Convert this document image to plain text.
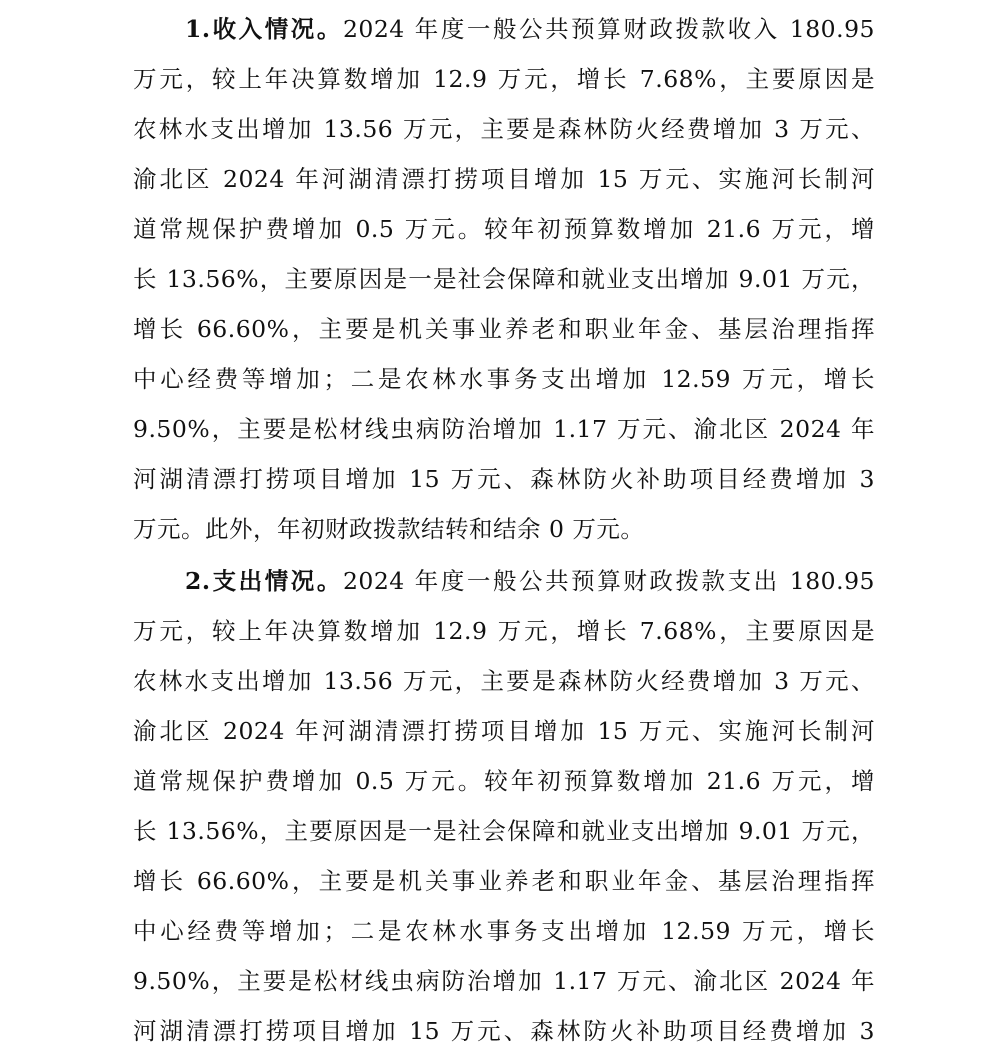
1.收入情况。2024 年度一般公共预算财政拨款收入 180.95
万元，较上年决算数增加 12.9 万元，增长 7.68%，主要原因是
农林水支出增加 13.56 万元，主要是森林防火经费增加 3 万元、
渝北区 2024 年河湖清漂打捞项目增加 15 万元、实施河长制河
道常规保护费增加 0.5 万元。较年初预算数增加 21.6 万元，增
长 13.56%，主要原因是一是社会保障和就业支出增加 9.01 万元，
增长 66.60%，主要是机关事业养老和职业年金、基层治理指挥
中心经费等增加；二是农林水事务支出增加 12.59 万元，增长
9.50%，主要是松材线虫病防治增加 1.17 万元、渝北区 2024 年
河湖清漂打捞项目增加 15 万元、森林防火补助项目经费增加 3
万元。此外，年初财政拨款结转和结余 0 万元。
2.支出情况。2024 年度一般公共预算财政拨款支出 180.95
万元，较上年决算数增加 12.9 万元，增长 7.68%，主要原因是
农林水支出增加 13.56 万元，主要是森林防火经费增加 3 万元、
渝北区 2024 年河湖清漂打捞项目增加 15 万元、实施河长制河
道常规保护费增加 0.5 万元。较年初预算数增加 21.6 万元，增
长 13.56%，主要原因是一是社会保障和就业支出增加 9.01 万元，
增长 66.60%，主要是机关事业养老和职业年金、基层治理指挥
中心经费等增加；二是农林水事务支出增加 12.59 万元，增长
9.50%，主要是松材线虫病防治增加 1.17 万元、渝北区 2024 年
河湖清漂打捞项目增加 15 万元、森林防火补助项目经费增加 3
